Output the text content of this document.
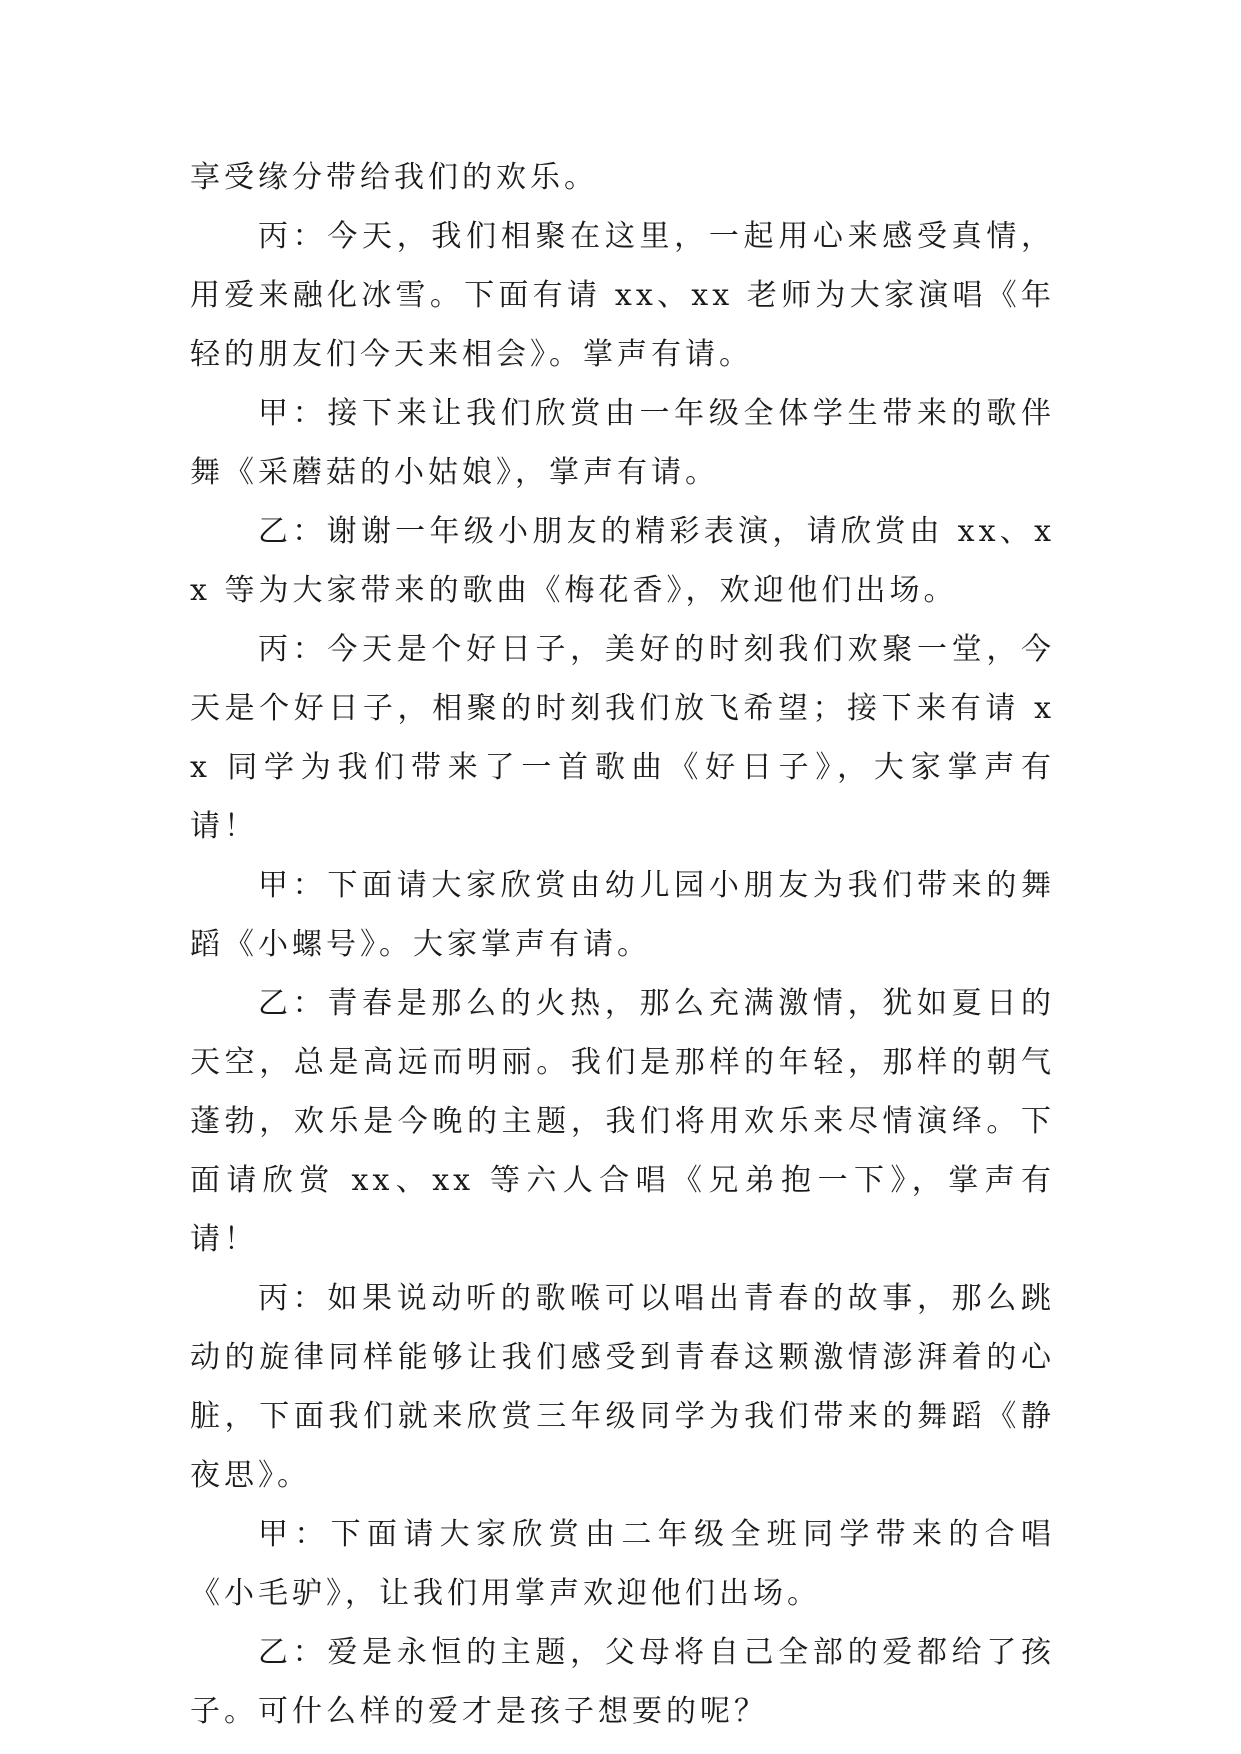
享受缘分带给我们的欢乐。

丙：今天，我们相聚在这里，一起用心来感受真情，用爱来融化冰雪。下面有请 xx、xx 老师为大家演唱《年轻的朋友们今天来相会》。掌声有请。

甲：接下来让我们欣赏由一年级全体学生带来的歌伴舞《采蘑菇的小姑娘》，掌声有请。

乙：谢谢一年级小朋友的精彩表演，请欣赏由 xx、xx 等为大家带来的歌曲《梅花香》，欢迎他们出场。

丙：今天是个好日子，美好的时刻我们欢聚一堂，今天是个好日子，相聚的时刻我们放飞希望；接下来有请 xx 同学为我们带来了一首歌曲《好日子》，大家掌声有请！

甲：下面请大家欣赏由幼儿园小朋友为我们带来的舞蹈《小螺号》。大家掌声有请。

乙：青春是那么的火热，那么充满激情，犹如夏日的天空，总是高远而明丽。我们是那样的年轻，那样的朝气蓬勃，欢乐是今晚的主题，我们将用欢乐来尽情演绎。下面请欣赏 xx、xx 等六人合唱《兄弟抱一下》，掌声有请！

丙：如果说动听的歌喉可以唱出青春的故事，那么跳动的旋律同样能够让我们感受到青春这颗激情澎湃着的心脏，下面我们就来欣赏三年级同学为我们带来的舞蹈《静夜思》。

甲：下面请大家欣赏由二年级全班同学带来的合唱《小毛驴》，让我们用掌声欢迎他们出场。

乙：爱是永恒的主题，父母将自己全部的爱都给了孩子。可什么样的爱才是孩子想要的呢？
